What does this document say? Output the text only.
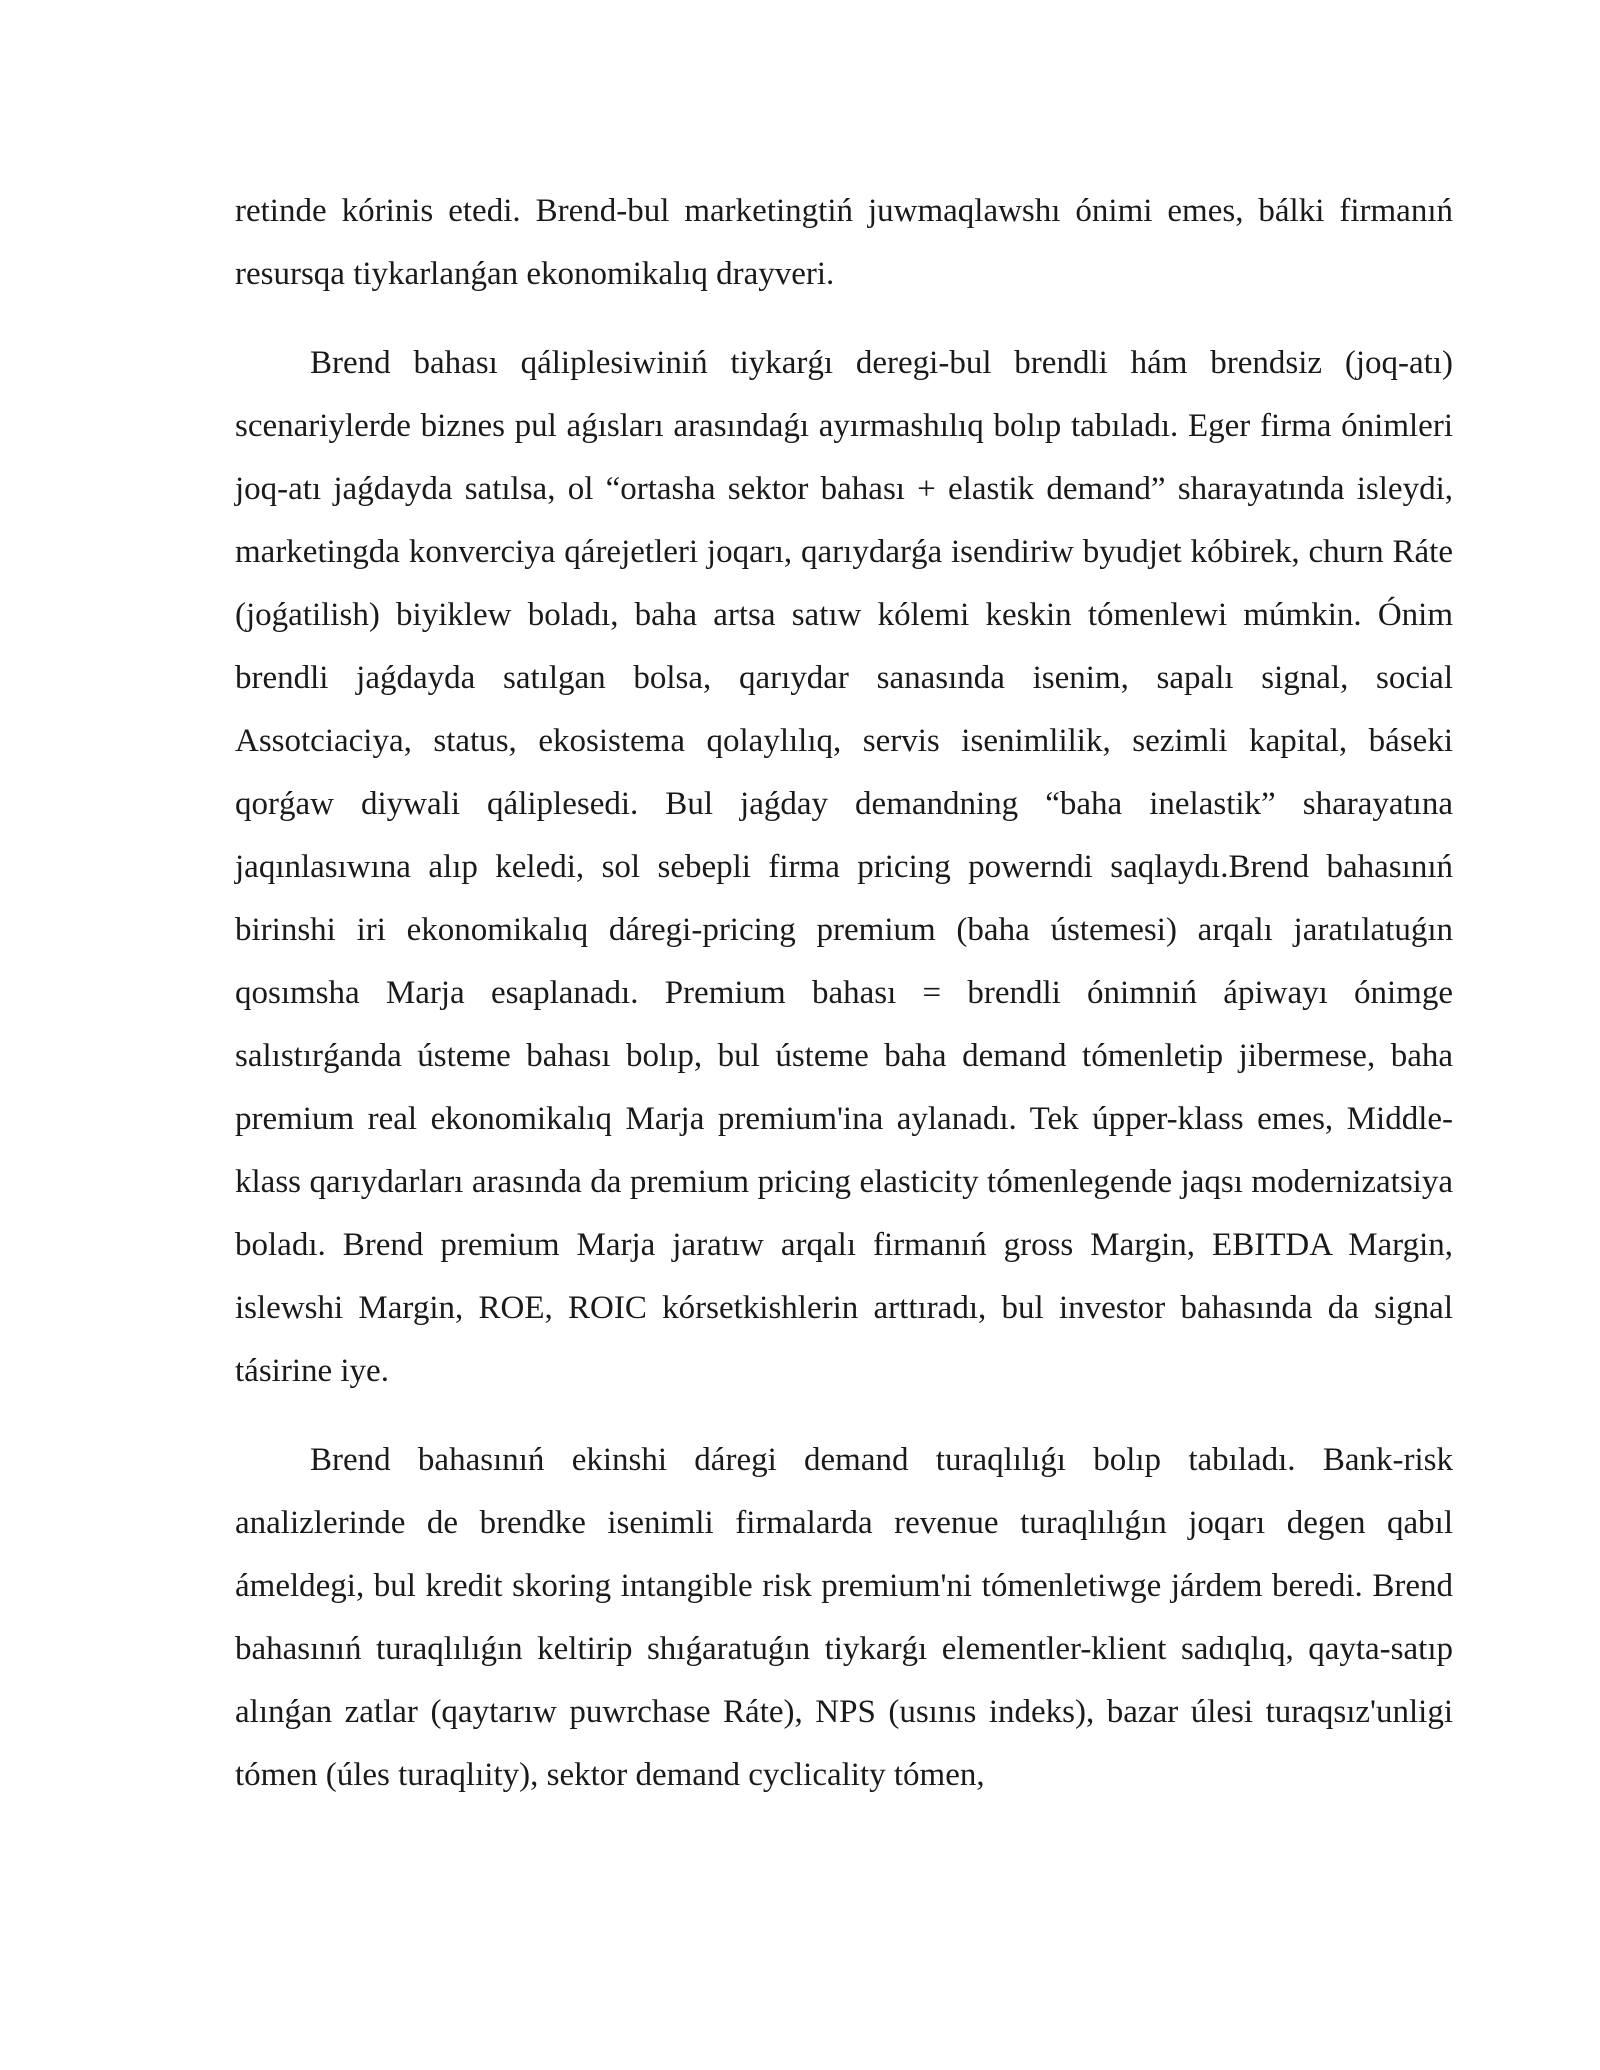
retinde kórinis etedi. Brend-bul marketingtiń juwmaqlawshı ónimi emes, bálki firmanıń resursqa tiykarlanǵan ekonomikalıq drayveri.

Brend bahası qáliplesiwiniń tiykarǵı deregi-bul brendli hám brendsiz (joq-atı) scenariylerde biznes pul aǵısları arasındaǵı ayırmashılıq bolıp tabıladı. Eger firma ónimleri joq-atı jaǵdayda satılsa, ol “ortasha sektor bahası + elastik demand” sharayatında isleydi, marketingda konverciya qárejetleri joqarı, qarıydarǵa isendiriw byudjet kóbirek, churn Ráte (joǵatilish) biyiklew boladı, baha artsa satıw kólemi keskin tómenlewi múmkin. Ónim brendli jaǵdayda satılgan bolsa, qarıydar sanasında isenim, sapalı signal, social Assotciaciya, status, ekosistema qolaylılıq, servis isenimlilik, sezimli kapital, báseki qorǵaw diywali qáliplesedi. Bul jaǵday demandning “baha inelastik” sharayatına jaqınlasıwına alıp keledi, sol sebepli firma pricing powerndi saqlaydı.Brend bahasınıń birinshi iri ekonomikalıq dáregi-pricing premium (baha ústemesi) arqalı jaratılatuǵın qosımsha Marja esaplanadı. Premium bahası = brendli ónimniń ápiwayı ónimge salıstırǵanda ústeme bahası bolıp, bul ústeme baha demand tómenletip jibermese, baha premium real ekonomikalıq Marja premium'ina aylanadı. Tek úpper-klass emes, Middle-klass qarıydarları arasında da premium pricing elasticity tómenlegende jaqsı modernizatsiya boladı. Brend premium Marja jaratıw arqalı firmanıń gross Margin, EBITDA Margin, islewshi Margin, ROE, ROIC kórsetkishlerin arttıradı, bul investor bahasında da signal tásirine iye.

Brend bahasınıń ekinshi dáregi demand turaqlılıǵı bolıp tabıladı. Bank-risk analizlerinde de brendke isenimli firmalarda revenue turaqlılıǵın joqarı degen qabıl ámeldegi, bul kredit skoring intangible risk premium'ni tómenletiwge járdem beredi. Brend bahasınıń turaqlılıǵın keltirip shıǵaratuǵın tiykarǵı elementler-klient sadıqlıq, qayta-satıp alınǵan zatlar (qaytarıw puwrchase Ráte), NPS (usınıs indeks), bazar úlesi turaqsız'unligi tómen (úles turaqlıity), sektor demand cyclicality tómen,
